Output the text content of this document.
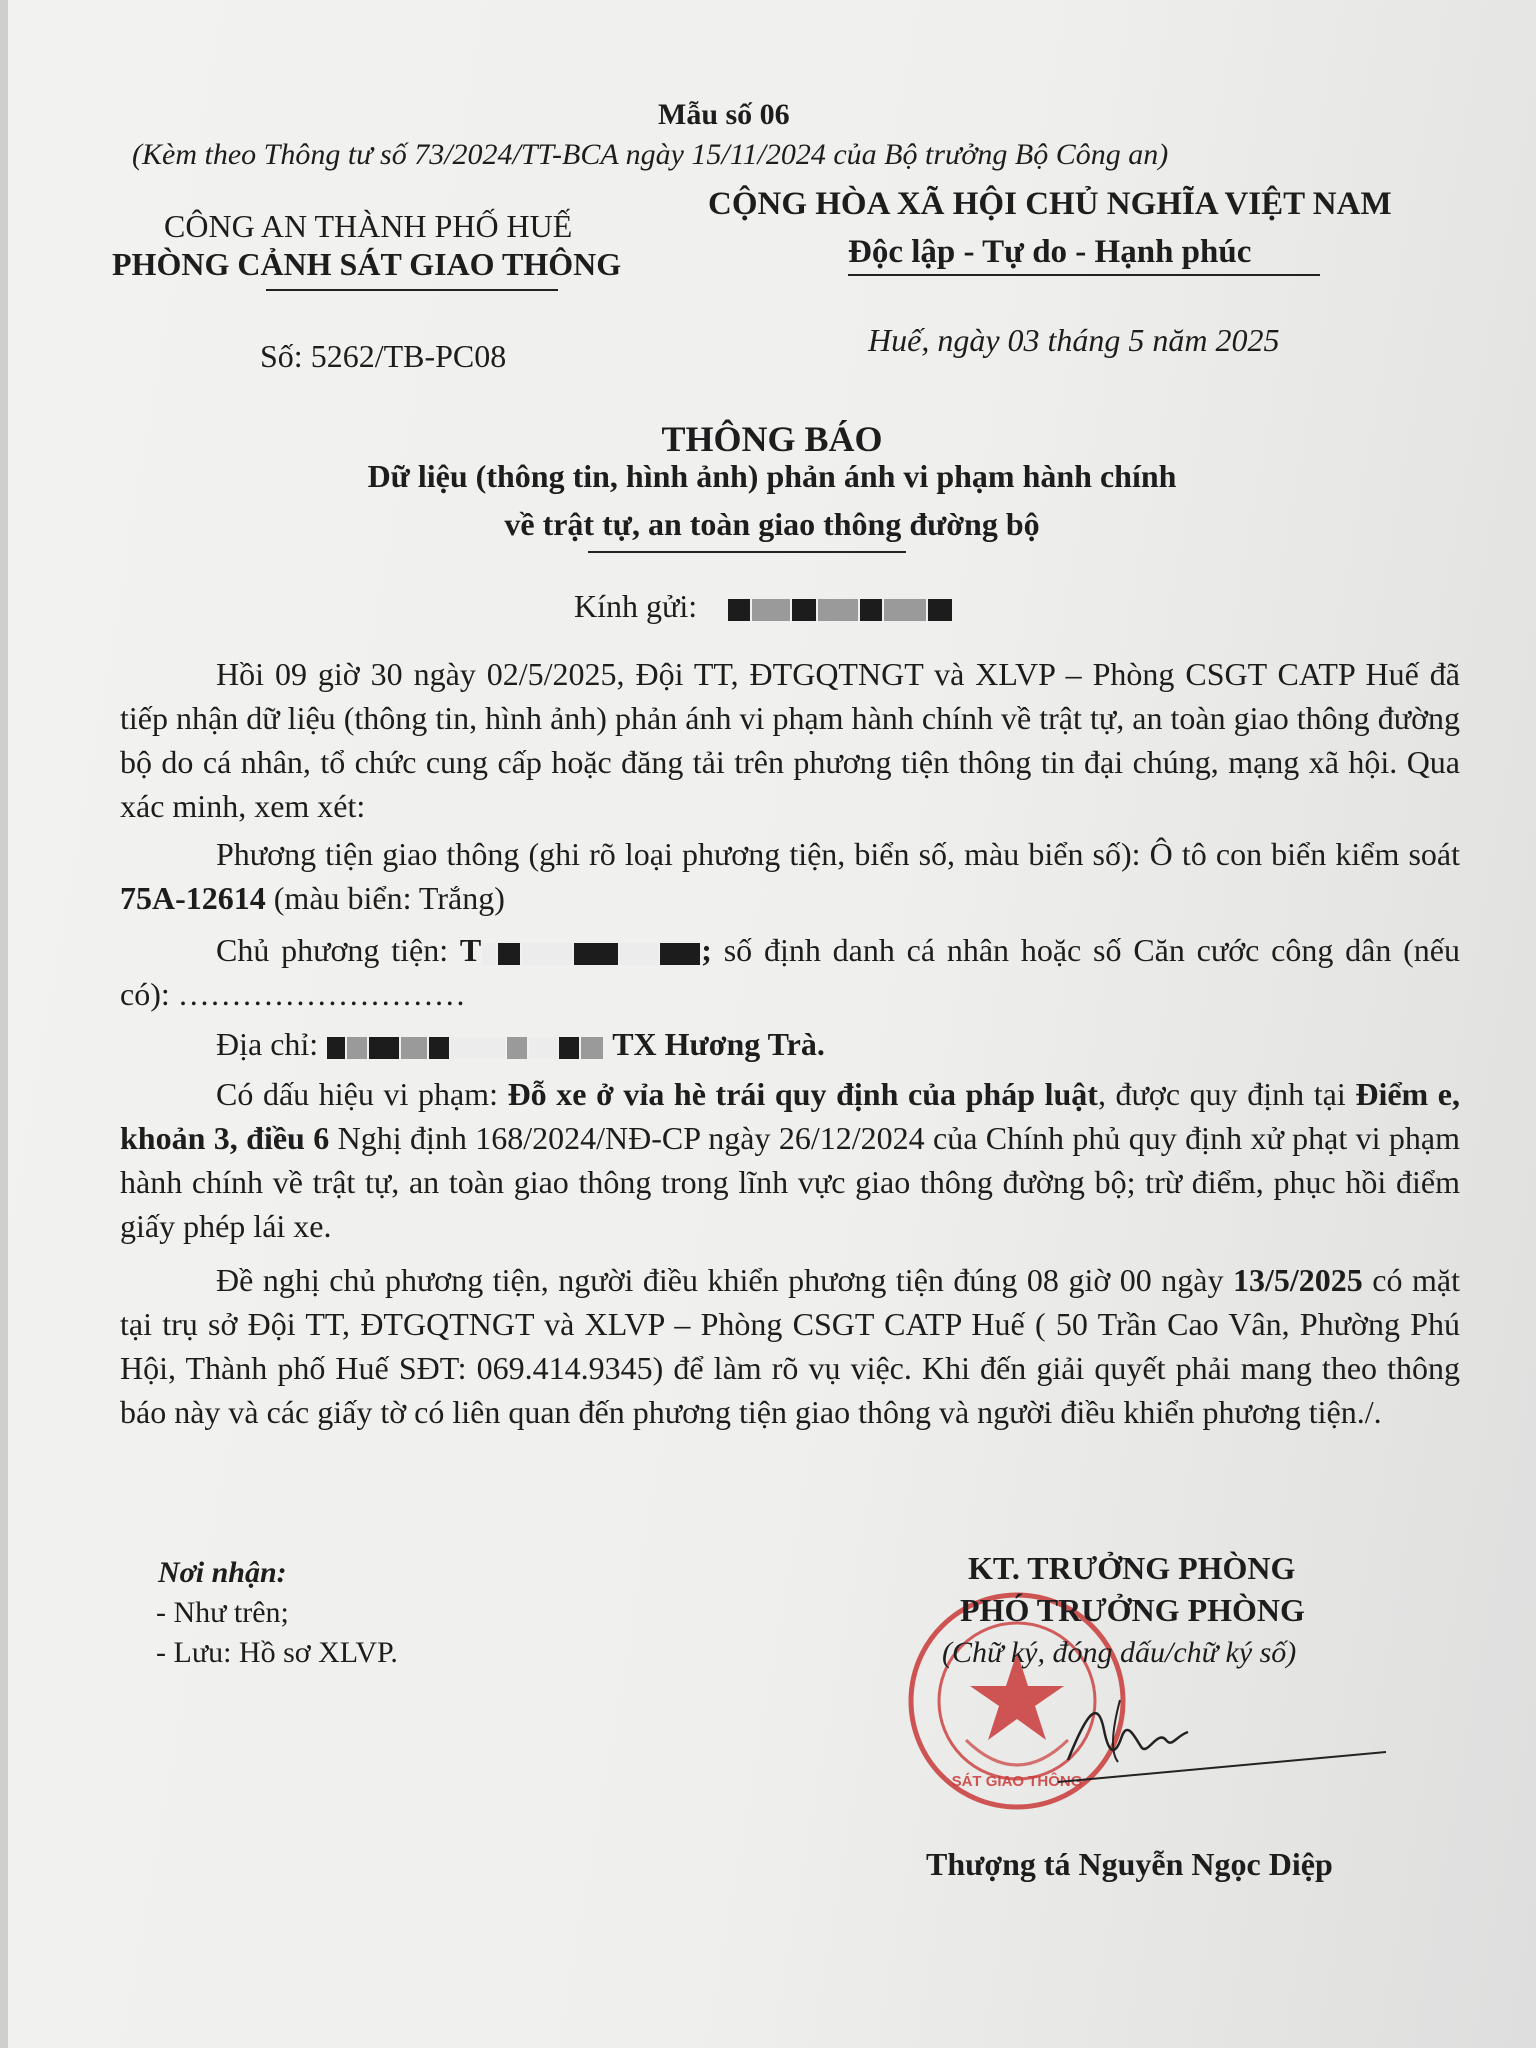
Mẫu số 06
(Kèm theo Thông tư số 73/2024/TT-BCA ngày 15/11/2024 của Bộ trưởng Bộ Công an)
CÔNG AN THÀNH PHỐ HUẾ
PHÒNG CẢNH SÁT GIAO THÔNG
CỘNG HÒA XÃ HỘI CHỦ NGHĨA VIỆT NAM
Độc lập - Tự do - Hạnh phúc
Số: 5262/TB-PC08	Huế, ngày 03 tháng 5 năm 2025
THÔNG BÁO
Dữ liệu (thông tin, hình ảnh) phản ánh vi phạm hành chính
về trật tự, an toàn giao thông đường bộ
Kính gửi:

Hồi 09 giờ 30 ngày 02/5/2025, Đội TT, ĐTGQTNGT và XLVP – Phòng CSGT CATP Huế đã tiếp nhận dữ liệu (thông tin, hình ảnh) phản ánh vi phạm hành chính về trật tự, an toàn giao thông đường bộ do cá nhân, tổ chức cung cấp hoặc đăng tải trên phương tiện thông tin đại chúng, mạng xã hội. Qua xác minh, xem xét:

Phương tiện giao thông (ghi rõ loại phương tiện, biển số, màu biển số): Ô tô con biển kiểm soát 75A-12614 (màu biển: Trắng)

Chủ phương tiện: T	; số định danh cá nhân hoặc số Căn cước công dân (nếu có): ………………………

Địa chỉ:	TX Hương Trà.

Có dấu hiệu vi phạm: Đỗ xe ở vỉa hè trái quy định của pháp luật, được quy định tại Điểm e, khoản 3, điều 6 Nghị định 168/2024/NĐ-CP ngày 26/12/2024 của Chính phủ quy định xử phạt vi phạm hành chính về trật tự, an toàn giao thông trong lĩnh vực giao thông đường bộ; trừ điểm, phục hồi điểm giấy phép lái xe.

Đề nghị chủ phương tiện, người điều khiển phương tiện đúng 08 giờ 00 ngày 13/5/2025 có mặt tại trụ sở Đội TT, ĐTGQTNGT và XLVP – Phòng CSGT CATP Huế ( 50 Trần Cao Vân, Phường Phú Hội, Thành phố Huế SĐT: 069.414.9345) để làm rõ vụ việc. Khi đến giải quyết phải mang theo thông báo này và các giấy tờ có liên quan đến phương tiện giao thông và người điều khiển phương tiện./.

Nơi nhận:
- Như trên;
- Lưu: Hồ sơ XLVP.
SÁT GIAO THÔNG
KT. TRƯỞNG PHÒNG
PHÓ TRƯỞNG PHÒNG
(Chữ ký, đóng dấu/chữ ký số)
Thượng tá Nguyễn Ngọc Diệp
